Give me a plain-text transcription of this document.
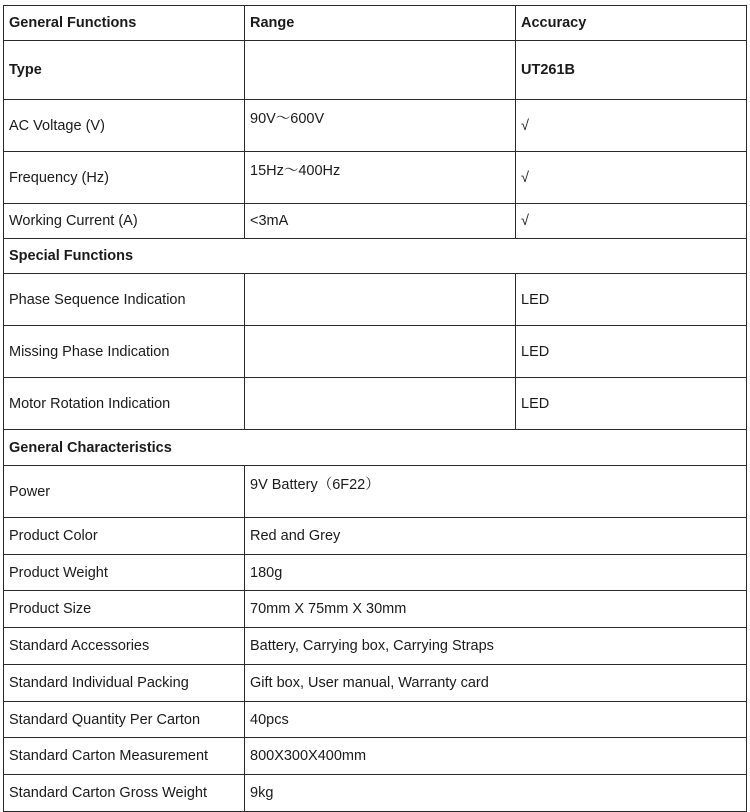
General Functions	Range	Accuracy
Type		UT261B
AC Voltage (V)	90V～600V	√
Frequency (Hz)	15Hz～400Hz	√
Working Current (A)	<3mA	√
Special Functions		
Phase Sequence Indication		LED
Missing Phase Indication		LED
Motor Rotation Indication		LED
General Characteristics		
Power	9V Battery（6F22）	
Product Color	Red and Grey	
Product Weight	180g	
Product Size	70mm X 75mm X 30mm	
Standard Accessories	Battery, Carrying box, Carrying Straps	
Standard Individual Packing	Gift box, User manual, Warranty card	
Standard Quantity Per Carton	40pcs	
Standard Carton Measurement	800X300X400mm	
Standard Carton Gross Weight	9kg	
